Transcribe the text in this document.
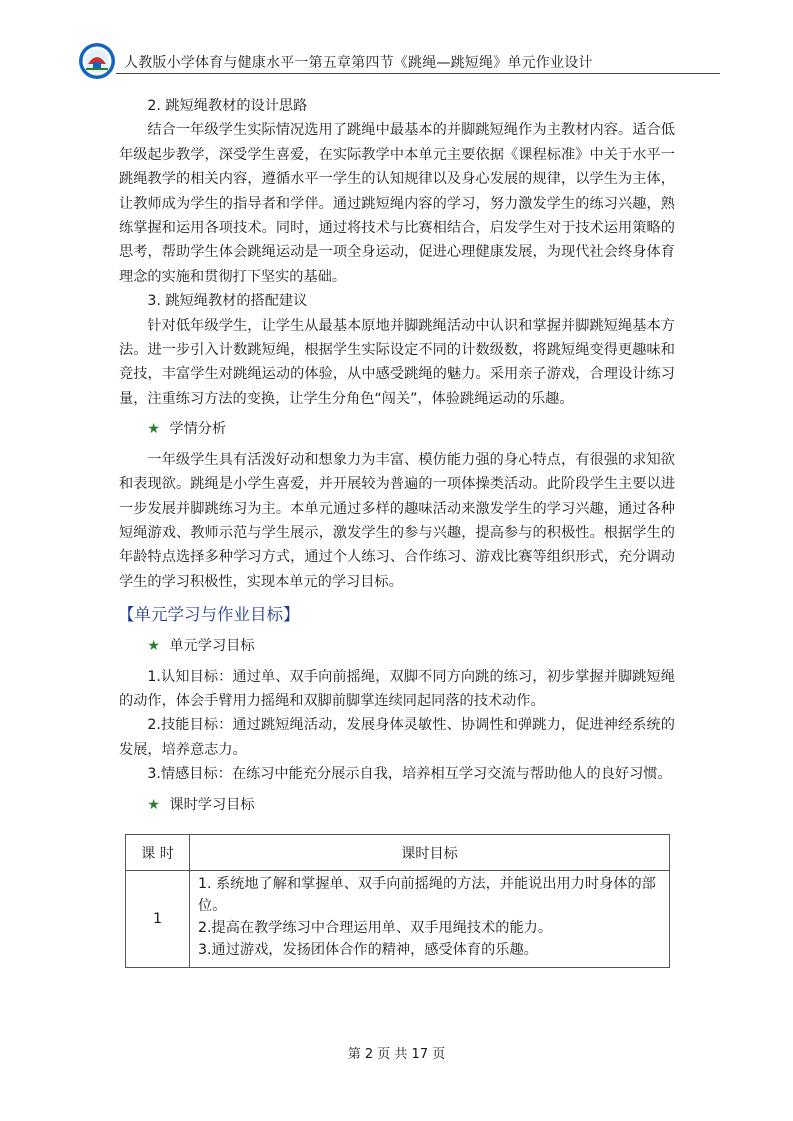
人教版小学体育与健康水平一第五章第四节《跳绳—跳短绳》单元作业设计
2. 跳短绳教材的设计思路
结合一年级学生实际情况选用了跳绳中最基本的并脚跳短绳作为主教材内容。适合低年级起步教学，深受学生喜爱，在实际教学中本单元主要依据《课程标准》中关于水平一跳绳教学的相关内容，遵循水平一学生的认知规律以及身心发展的规律，以学生为主体，让教师成为学生的指导者和学伴。通过跳短绳内容的学习，努力激发学生的练习兴趣，熟练掌握和运用各项技术。同时，通过将技术与比赛相结合，启发学生对于技术运用策略的思考，帮助学生体会跳绳运动是一项全身运动，促进心理健康发展，为现代社会终身体育理念的实施和贯彻打下坚实的基础。
3. 跳短绳教材的搭配建议
针对低年级学生，让学生从最基本原地并脚跳绳活动中认识和掌握并脚跳短绳基本方法。进一步引入计数跳短绳，根据学生实际设定不同的计数级数，将跳短绳变得更趣味和竞技，丰富学生对跳绳运动的体验，从中感受跳绳的魅力。采用亲子游戏，合理设计练习量，注重练习方法的变换，让学生分角色“闯关”，体验跳绳运动的乐趣。
★ 学情分析
一年级学生具有活泼好动和想象力为丰富、模仿能力强的身心特点，有很强的求知欲和表现欲。跳绳是小学生喜爱，并开展较为普遍的一项体操类活动。此阶段学生主要以进一步发展并脚跳练习为主。本单元通过多样的趣味活动来激发学生的学习兴趣，通过各种短绳游戏、教师示范与学生展示，激发学生的参与兴趣，提高参与的积极性。根据学生的年龄特点选择多种学习方式，通过个人练习、合作练习、游戏比赛等组织形式，充分调动学生的学习积极性，实现本单元的学习目标。
【单元学习与作业目标】
★ 单元学习目标
1.认知目标：通过单、双手向前摇绳，双脚不同方向跳的练习，初步掌握并脚跳短绳的动作，体会手臂用力摇绳和双脚前脚掌连续同起同落的技术动作。
2.技能目标：通过跳短绳活动，发展身体灵敏性、协调性和弹跳力，促进神经系统的发展，培养意志力。
3.情感目标：在练习中能充分展示自我，培养相互学习交流与帮助他人的良好习惯。
★ 课时学习目标
课 时	课时目标
1	1. 系统地了解和掌握单、双手向前摇绳的方法，并能说出用力时身体的部位。
2.提高在教学练习中合理运用单、双手甩绳技术的能力。
3.通过游戏，发扬团体合作的精神，感受体育的乐趣。
第 2 页 共 17 页
